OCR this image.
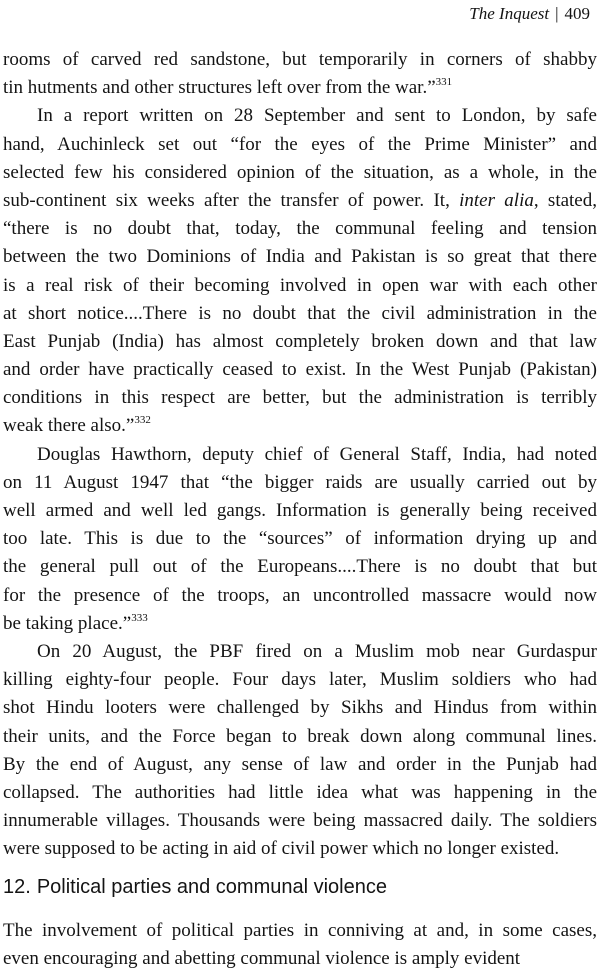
The Inquest | 409
rooms of carved red sandstone, but temporarily in corners of shabby
tin hutments and other structures left over from the war.”$^{331}$
In a report written on 28 September and sent to London, by safe
hand, Auchinleck set out “for the eyes of the Prime Minister” and
selected few his considered opinion of the situation, as a whole, in the
sub-continent six weeks after the transfer of power. It, inter alia, stated,
“there is no doubt that, today, the communal feeling and tension
between the two Dominions of India and Pakistan is so great that there
is a real risk of their becoming involved in open war with each other
at short notice....There is no doubt that the civil administration in the
East Punjab (India) has almost completely broken down and that law
and order have practically ceased to exist. In the West Punjab (Pakistan)
conditions in this respect are better, but the administration is terribly
weak there also.”$^{332}$
Douglas Hawthorn, deputy chief of General Staff, India, had noted
on 11 August 1947 that “the bigger raids are usually carried out by
well armed and well led gangs. Information is generally being received
too late. This is due to the “sources” of information drying up and
the general pull out of the Europeans....There is no doubt that but
for the presence of the troops, an uncontrolled massacre would now
be taking place.”$^{333}$
On 20 August, the PBF fired on a Muslim mob near Gurdaspur
killing eighty-four people. Four days later, Muslim soldiers who had
shot Hindu looters were challenged by Sikhs and Hindus from within
their units, and the Force began to break down along communal lines.
By the end of August, any sense of law and order in the Punjab had
collapsed. The authorities had little idea what was happening in the
innumerable villages. Thousands were being massacred daily. The soldiers
were supposed to be acting in aid of civil power which no longer existed.
12. Political parties and communal violence
The involvement of political parties in conniving at and, in some cases,
even encouraging and abetting communal violence is amply evident
